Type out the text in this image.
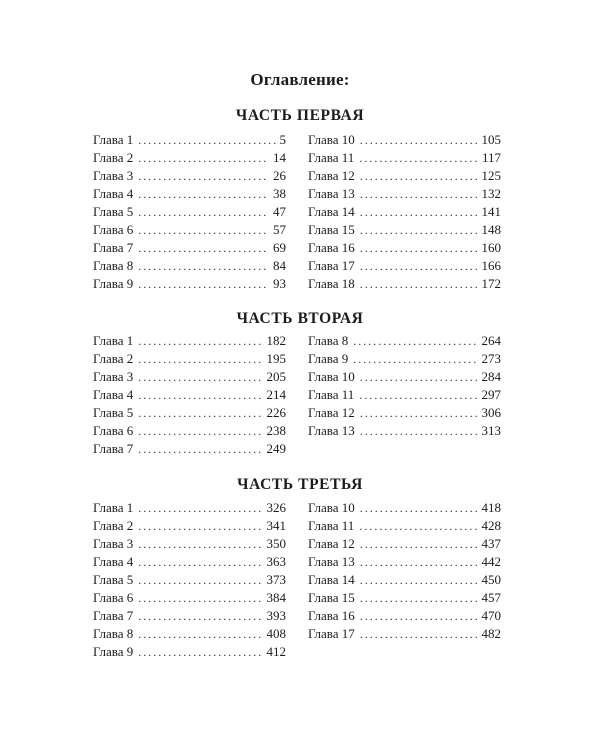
Оглавление:
ЧАСТЬ ПЕРВАЯ
Глава 1 . . .	5
Глава 2 . . .	14
Глава 3 . . .	26
Глава 4 . . .	38
Глава 5 . . .	47
Глава 6 . . .	57
Глава 7 . . .	69
Глава 8 . . .	84
Глава 9 . . .	93
Глава 10 . . .	105
Глава 11 . . .	117
Глава 12 . . .	125
Глава 13 . . .	132
Глава 14 . . .	141
Глава 15 . . .	148
Глава 16 . . .	160
Глава 17 . . .	166
Глава 18 . . .	172
ЧАСТЬ ВТОРАЯ
Глава 1 . . .	182
Глава 2 . . .	195
Глава 3 . . .	205
Глава 4 . . .	214
Глава 5 . . .	226
Глава 6 . . .	238
Глава 7 . . .	249
Глава 8 . . .	264
Глава 9 . . .	273
Глава 10 . . .	284
Глава 11 . . .	297
Глава 12 . . .	306
Глава 13 . . .	313
ЧАСТЬ ТРЕТЬЯ
Глава 1 . . .	326
Глава 2 . . .	341
Глава 3 . . .	350
Глава 4 . . .	363
Глава 5 . . .	373
Глава 6 . . .	384
Глава 7 . . .	393
Глава 8 . . .	408
Глава 9 . . .	412
Глава 10 . . .	418
Глава 11 . . .	428
Глава 12 . . .	437
Глава 13 . . .	442
Глава 14 . . .	450
Глава 15 . . .	457
Глава 16 . . .	470
Глава 17 . . .	482
